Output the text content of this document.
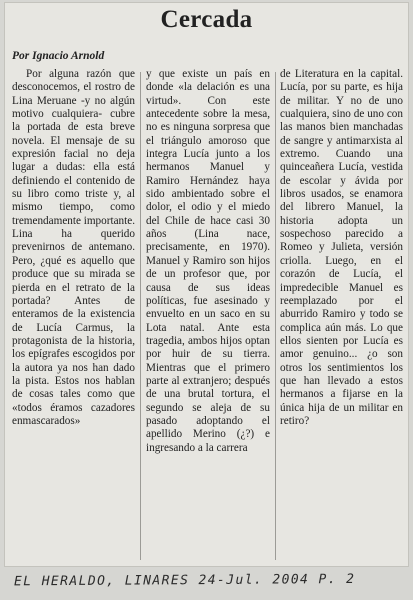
Cercada
Por Ignacio Arnold

Por alguna razón que desconocemos, el rostro de Lina Meruane -y no algún motivo cualquiera- cubre la portada de esta breve novela. El mensaje de su expresión facial no deja lugar a dudas: ella está definiendo el contenido de su libro como triste y, al mismo tiempo, como tremendamente importante. Lina ha querido prevenirnos de antemano. Pero, ¿qué es aquello que produce que su mirada se pierda en el retrato de la portada? Antes de enteramos de la existencia de Lucía Carmus, la protagonista de la historia, los epígrafes escogidos por la autora ya nos han dado la pista. Estos nos hablan de cosas tales como que «todos éramos cazadores enmascarados»

y que existe un país en donde «la delación es una virtud». Con este antecedente sobre la mesa, no es ninguna sorpresa que el triángulo amoroso que integra Lucía junto a los hermanos Manuel y Ramiro Hernández haya sido ambientado sobre el dolor, el odio y el miedo del Chile de hace casi 30 años (Lina nace, precisamente, en 1970). Manuel y Ramiro son hijos de un profesor que, por causa de sus ideas políticas, fue asesinado y envuelto en un saco en su Lota natal. Ante esta tragedia, ambos hijos optan por huir de su tierra. Mientras que el primero parte al extranjero; después de una brutal tortura, el segundo se aleja de su pasado adoptando el apellido Merino (¿?) e ingresando a la carrera

de Literatura en la capital. Lucía, por su parte, es hija de militar. Y no de uno cualquiera, sino de uno con las manos bien manchadas de sangre y antimarxista al extremo. Cuando una quinceañera Lucía, vestida de escolar y ávida por libros usados, se enamora del librero Manuel, la historia adopta un sospechoso parecido a Romeo y Julieta, versión criolla. Luego, en el corazón de Lucía, el impredecible Manuel es reemplazado por el aburrido Ramiro y todo se complica aún más. Lo que ellos sienten por Lucía es amor genuino... ¿o son otros los sentimientos los que han llevado a estos hermanos a fijarse en la única hija de un militar en retiro?

EL HERALDO, LINARES 24-Jul. 2004 P. 2
